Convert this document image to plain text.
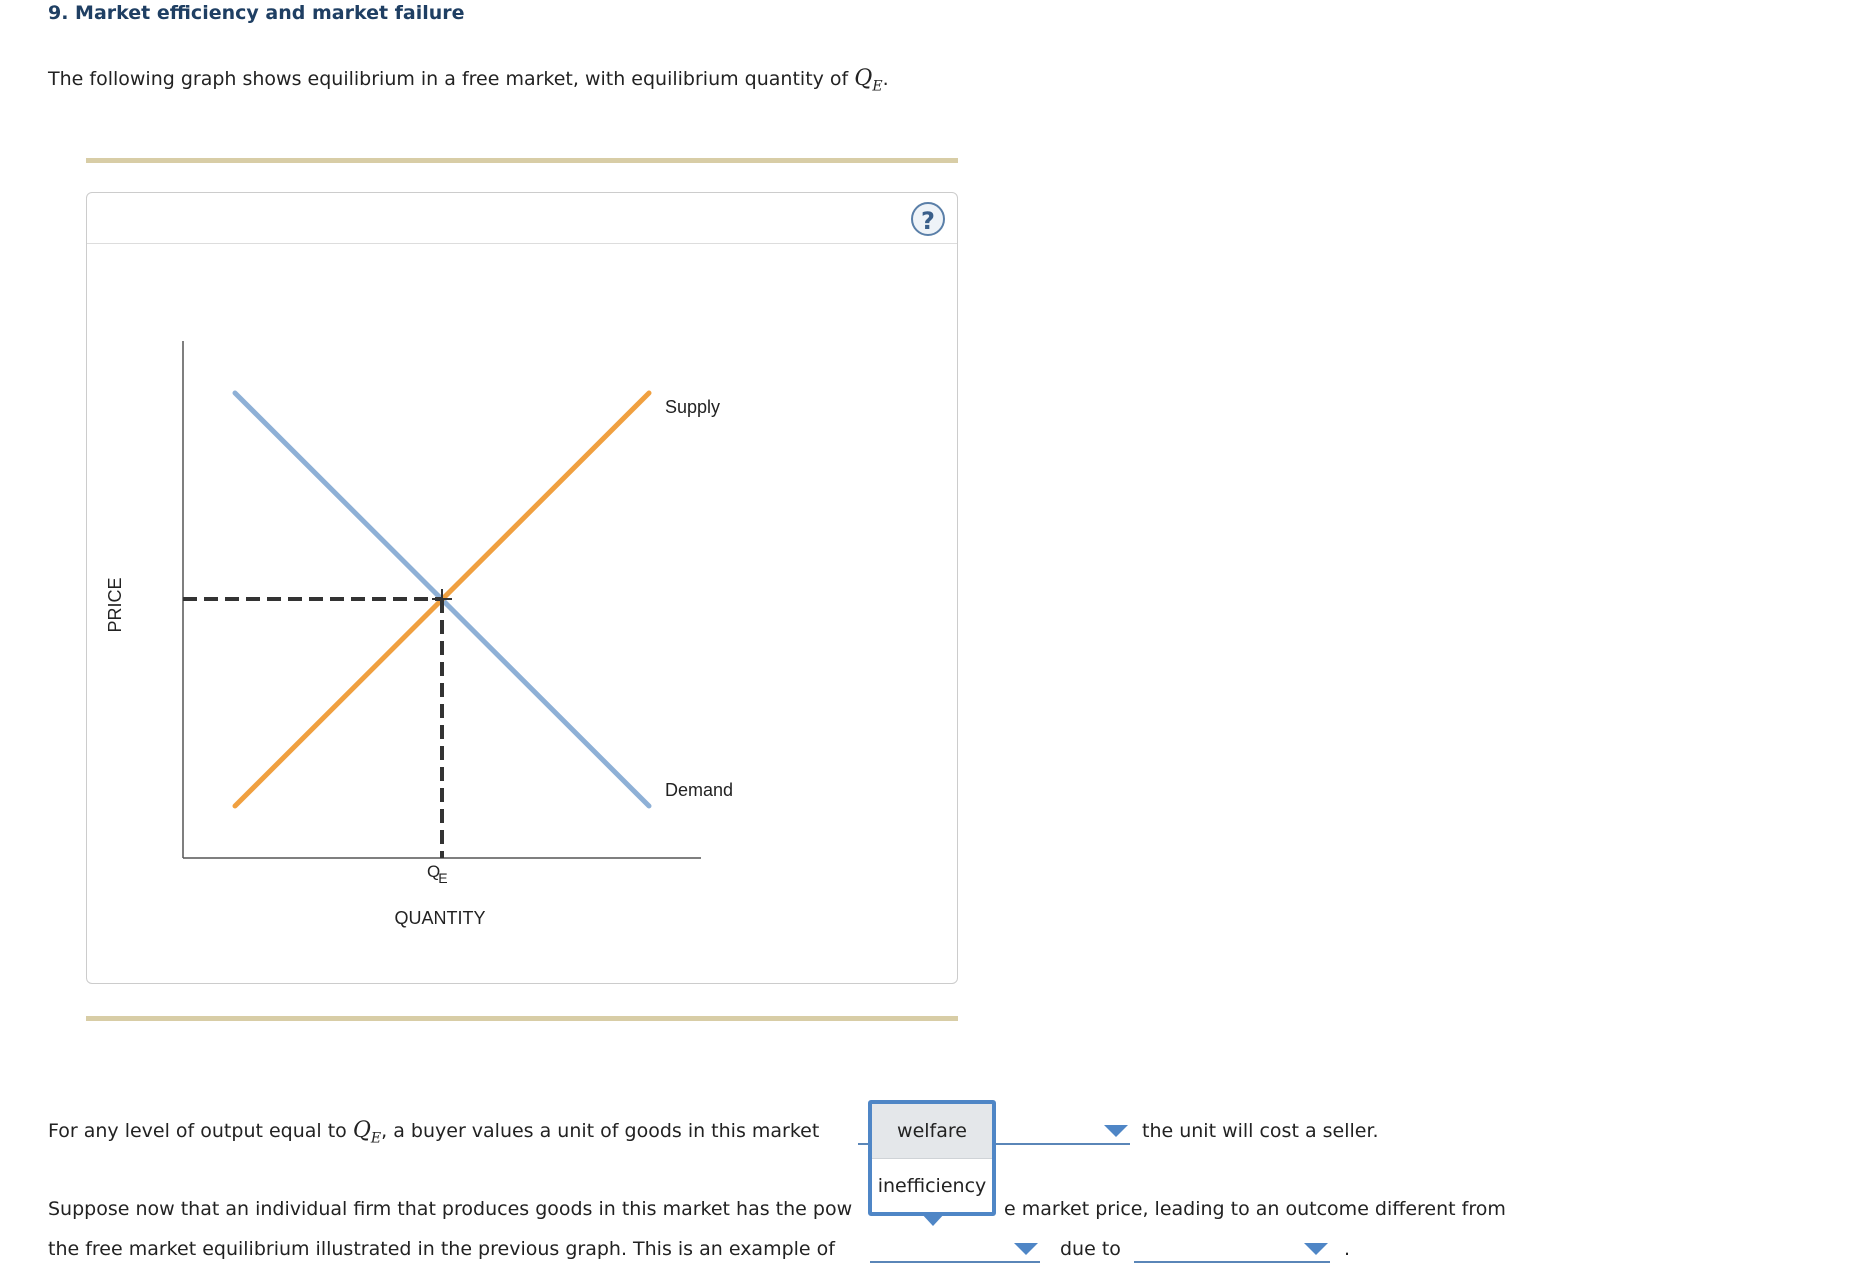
9. Market efficiency and market failure
The following graph shows equilibrium in a free market, with equilibrium quantity of $Q_E$.
?
PRICE
QE
QUANTITY
Supply
Demand
For any level of output equal to $Q_E$, a buyer values a unit of goods in this market	the unit will cost a seller.
Suppose now that an individual firm that produces goods in this market has the pow	e market price, leading to an outcome different from
the free market equilibrium illustrated in the previous graph. This is an example of	due to	.
welfare
inefficiency
